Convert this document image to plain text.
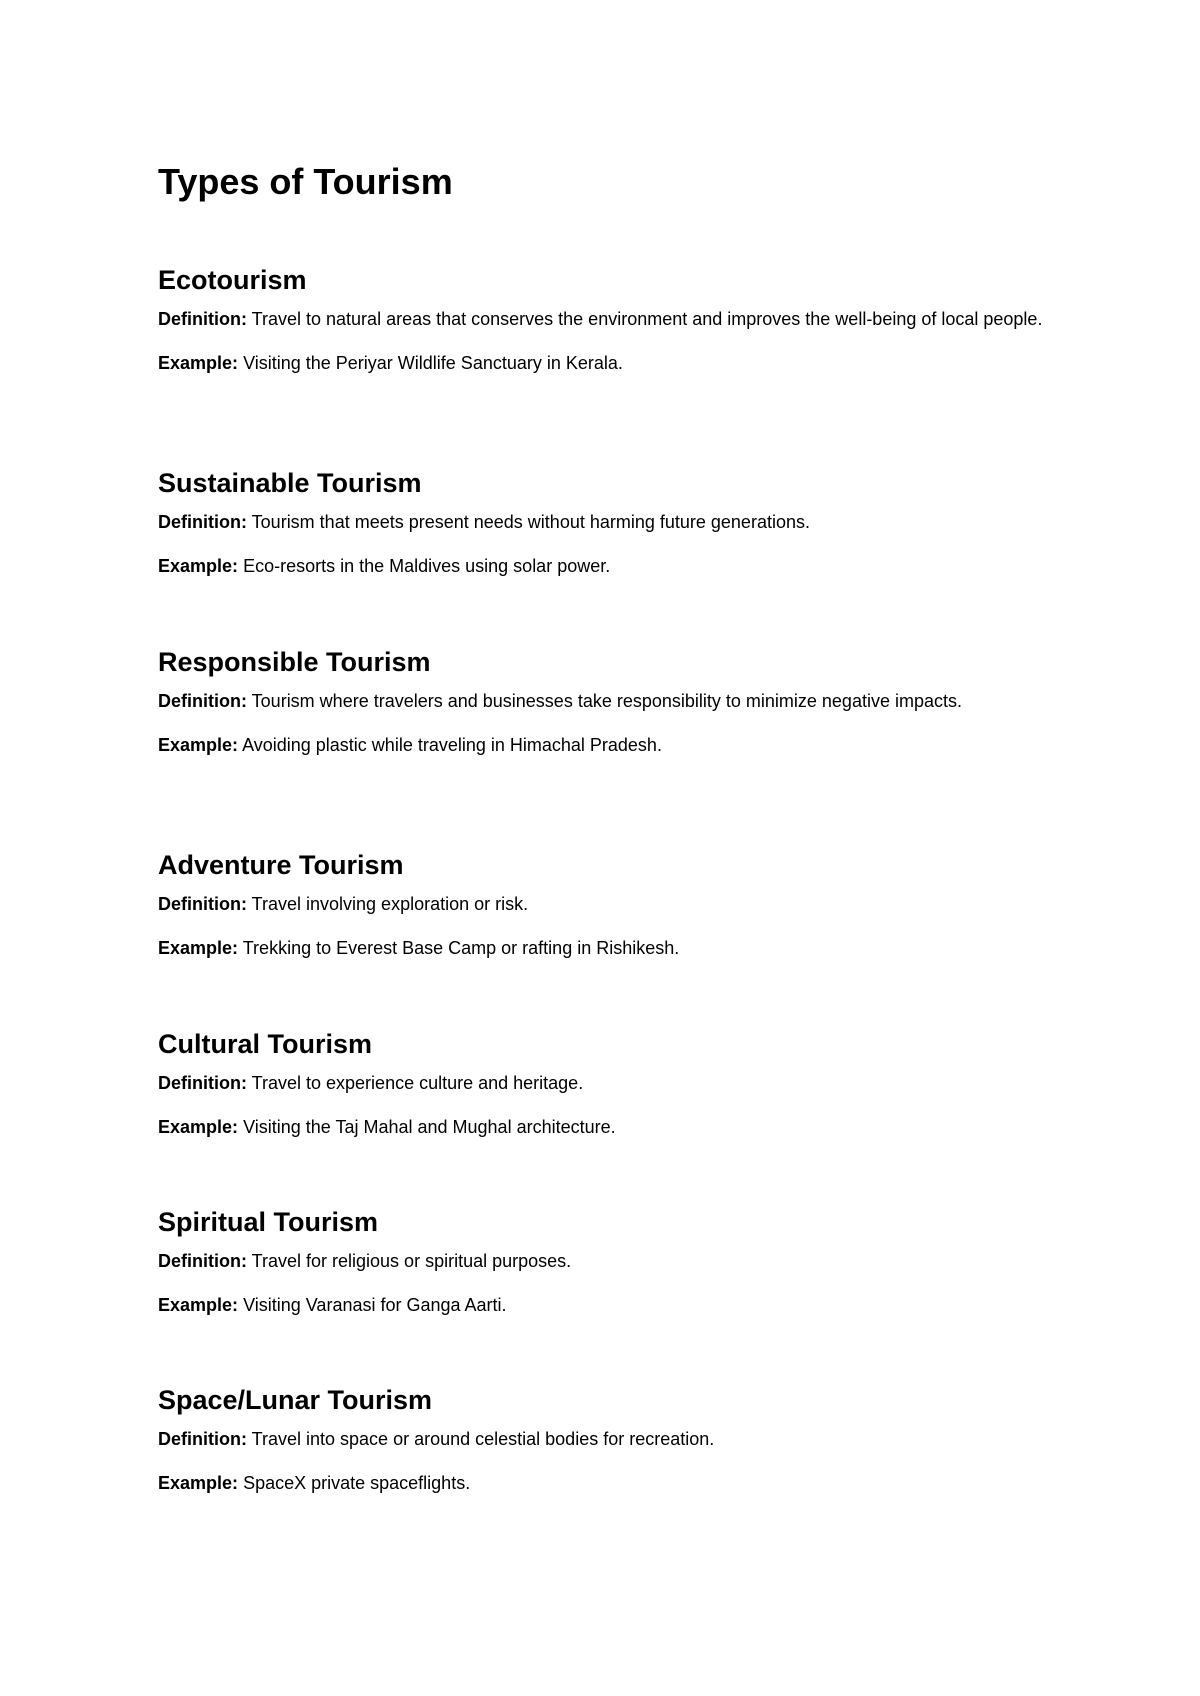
Types of Tourism
Ecotourism

Definition: Travel to natural areas that conserves the environment and improves the well-being of local people.

Example: Visiting the Periyar Wildlife Sanctuary in Kerala.

Sustainable Tourism

Definition: Tourism that meets present needs without harming future generations.

Example: Eco-resorts in the Maldives using solar power.

Responsible Tourism

Definition: Tourism where travelers and businesses take responsibility to minimize negative impacts.

Example: Avoiding plastic while traveling in Himachal Pradesh.

Adventure Tourism

Definition: Travel involving exploration or risk.

Example: Trekking to Everest Base Camp or rafting in Rishikesh.

Cultural Tourism

Definition: Travel to experience culture and heritage.

Example: Visiting the Taj Mahal and Mughal architecture.

Spiritual Tourism

Definition: Travel for religious or spiritual purposes.

Example: Visiting Varanasi for Ganga Aarti.

Space/Lunar Tourism

Definition: Travel into space or around celestial bodies for recreation.

Example: SpaceX private spaceflights.
